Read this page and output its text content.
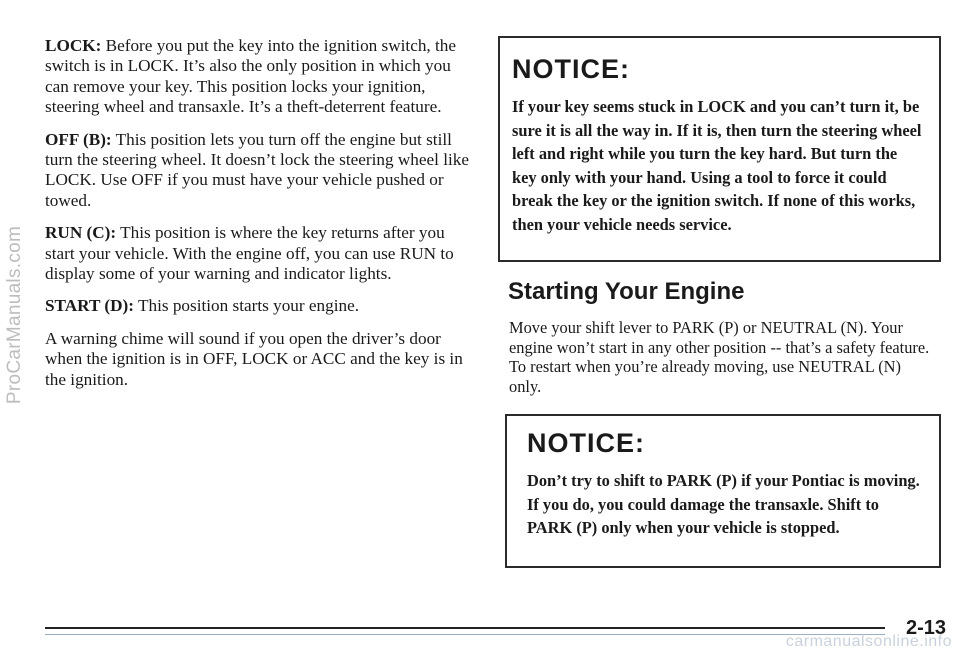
ProCarManuals.com

LOCK: Before you put the key into the ignition switch, the switch is in LOCK. It’s also the only position in which you can remove your key. This position locks your ignition, steering wheel and transaxle. It’s a theft-deterrent feature.

OFF (B): This position lets you turn off the engine but still turn the steering wheel. It doesn’t lock the steering wheel like LOCK. Use OFF if you must have your vehicle pushed or towed.

RUN (C): This position is where the key returns after you start your vehicle. With the engine off, you can use RUN to display some of your warning and indicator lights.

START (D): This position starts your engine.

A warning chime will sound if you open the driver’s door when the ignition is in OFF, LOCK or ACC and the key is in the ignition.

NOTICE:

If your key seems stuck in LOCK and you can’t turn it, be sure it is all the way in. If it is, then turn the steering wheel left and right while you turn the key hard. But turn the key only with your hand. Using a tool to force it could break the key or the ignition switch. If none of this works, then your vehicle needs service.

Starting Your Engine

Move your shift lever to PARK (P) or NEUTRAL (N). Your engine won’t start in any other position -- that’s a safety feature. To restart when you’re already moving, use NEUTRAL (N) only.

NOTICE:

Don’t try to shift to PARK (P) if your Pontiac is moving. If you do, you could damage the transaxle. Shift to PARK (P) only when your vehicle is stopped.

2-13
carmanualsonline.info
